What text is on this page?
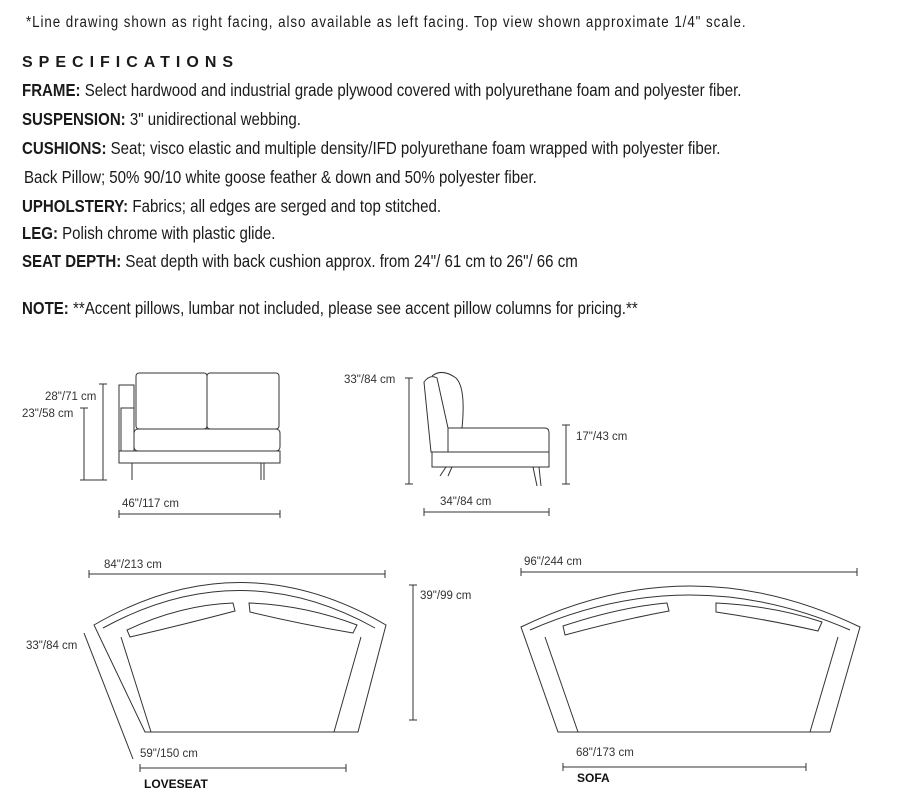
*Line drawing shown as right facing, also available as left facing. Top view shown approximate 1/4" scale.
SPECIFICATIONS
FRAME: Select hardwood and industrial grade plywood covered with polyurethane foam and polyester fiber.
SUSPENSION: 3" unidirectional webbing.
CUSHIONS: Seat; visco elastic and multiple density/IFD polyurethane foam wrapped with polyester fiber.
Back Pillow; 50% 90/10 white goose feather & down and 50% polyester fiber.
UPHOLSTERY: Fabrics; all edges are serged and top stitched.
LEG: Polish chrome with plastic glide.
SEAT DEPTH: Seat depth with back cushion approx. from 24"/ 61 cm to 26"/ 66 cm
NOTE: **Accent pillows, lumbar not included, please see accent pillow columns for pricing.**
28"/71 cm
23"/58 cm
46"/117 cm
33"/84 cm
17"/43 cm
34"/84 cm
84"/213 cm
39"/99 cm
33"/84 cm
59"/150 cm
LOVESEAT
96"/244 cm
68"/173 cm
SOFA
